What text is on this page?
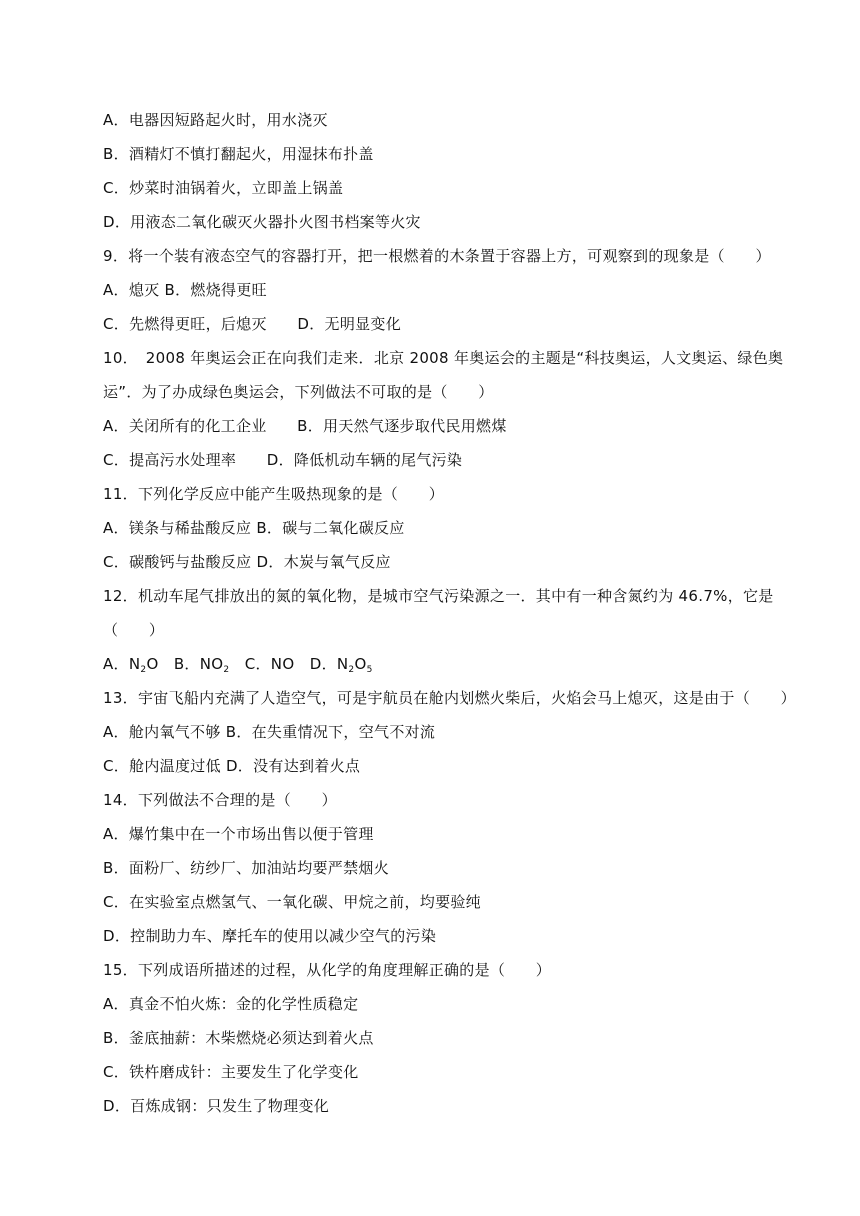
A．电器因短路起火时，用水浇灭
B．酒精灯不慎打翻起火，用湿抹布扑盖
C．炒菜时油锅着火，立即盖上锅盖
D．用液态二氧化碳灭火器扑火图书档案等火灾
9．将一个装有液态空气的容器打开，把一根燃着的木条置于容器上方，可观察到的现象是（　　）
A．熄灭 B．燃烧得更旺
C．先燃得更旺，后熄灭　　D．无明显变化
10．　2008 年奥运会正在向我们走来．北京 2008 年奥运会的主题是“科技奥运，人文奥运、绿色奥
运”．为了办成绿色奥运会，下列做法不可取的是（　　）
A．关闭所有的化工企业　　B．用天然气逐步取代民用燃煤
C．提高污水处理率　　D．降低机动车辆的尾气污染
11．下列化学反应中能产生吸热现象的是（　　）
A．镁条与稀盐酸反应 B．碳与二氧化碳反应
C．碳酸钙与盐酸反应 D．木炭与氧气反应
12．机动车尾气排放出的氮的氧化物，是城市空气污染源之一．其中有一种含氮约为 46.7%，它是
（　　）
A．$N_2O$　B．$NO_2$　C．NO　D．$N_2O_5$
13．宇宙飞船内充满了人造空气，可是宇航员在舱内划燃火柴后，火焰会马上熄灭，这是由于（　　）
A．舱内氧气不够 B．在失重情况下，空气不对流
C．舱内温度过低 D．没有达到着火点
14．下列做法不合理的是（　　）
A．爆竹集中在一个市场出售以便于管理
B．面粉厂、纺纱厂、加油站均要严禁烟火
C．在实验室点燃氢气、一氧化碳、甲烷之前，均要验纯
D．控制助力车、摩托车的使用以减少空气的污染
15．下列成语所描述的过程，从化学的角度理解正确的是（　　）
A．真金不怕火炼：金的化学性质稳定
B．釜底抽薪：木柴燃烧必须达到着火点
C．铁杵磨成针：主要发生了化学变化
D．百炼成钢：只发生了物理变化
